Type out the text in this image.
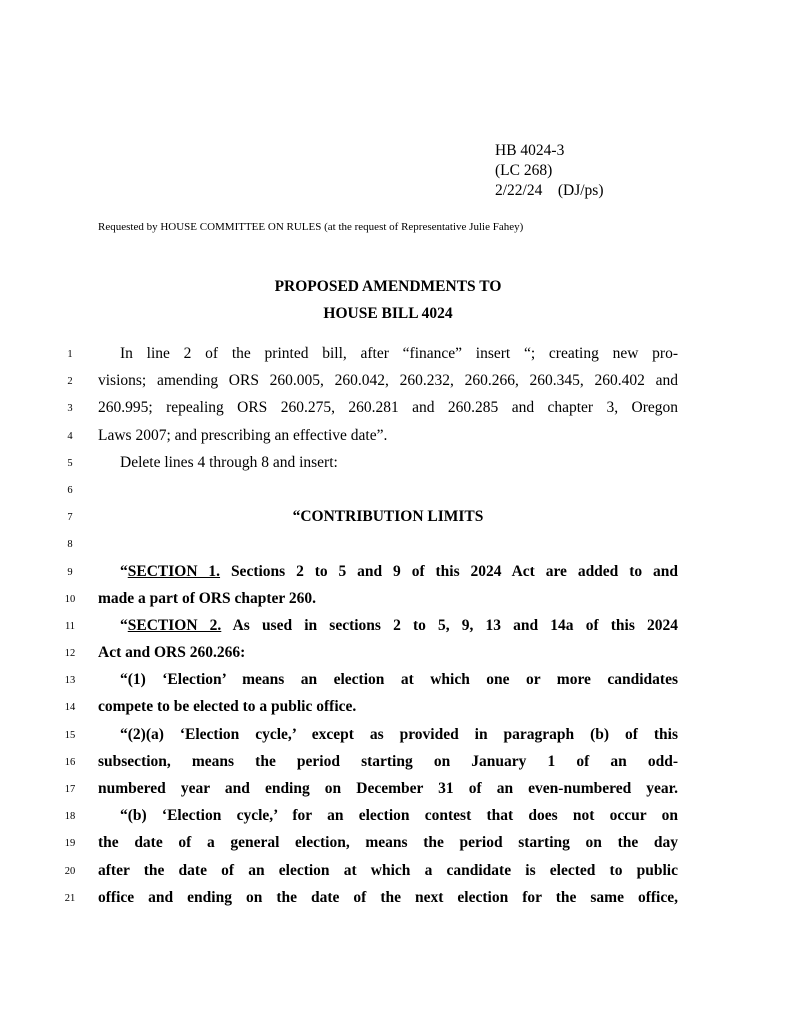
HB 4024-3
(LC 268)
2/22/24    (DJ/ps)
Requested by HOUSE COMMITTEE ON RULES (at the request of Representative Julie Fahey)
PROPOSED AMENDMENTS TO
HOUSE BILL 4024
1	In line 2 of the printed bill, after “finance” insert “; creating new pro-
2	visions; amending ORS 260.005, 260.042, 260.232, 260.266, 260.345, 260.402 and
3	260.995; repealing ORS 260.275, 260.281 and 260.285 and chapter 3, Oregon
4	Laws 2007; and prescribing an effective date”.
5	Delete lines 4 through 8 and insert:
6
7	“CONTRIBUTION LIMITS
8
9	“SECTION 1. Sections 2 to 5 and 9 of this 2024 Act are added to and
10	made a part of ORS chapter 260.
11	“SECTION 2. As used in sections 2 to 5, 9, 13 and 14a of this 2024
12	Act and ORS 260.266:
13	“(1) ‘Election’ means an election at which one or more candidates
14	compete to be elected to a public office.
15	“(2)(a) ‘Election cycle,’ except as provided in paragraph (b) of this
16	subsection, means the period starting on January 1 of an odd-
17	numbered year and ending on December 31 of an even-numbered year.
18	“(b) ‘Election cycle,’ for an election contest that does not occur on
19	the date of a general election, means the period starting on the day
20	after the date of an election at which a candidate is elected to public
21	office and ending on the date of the next election for the same office,
